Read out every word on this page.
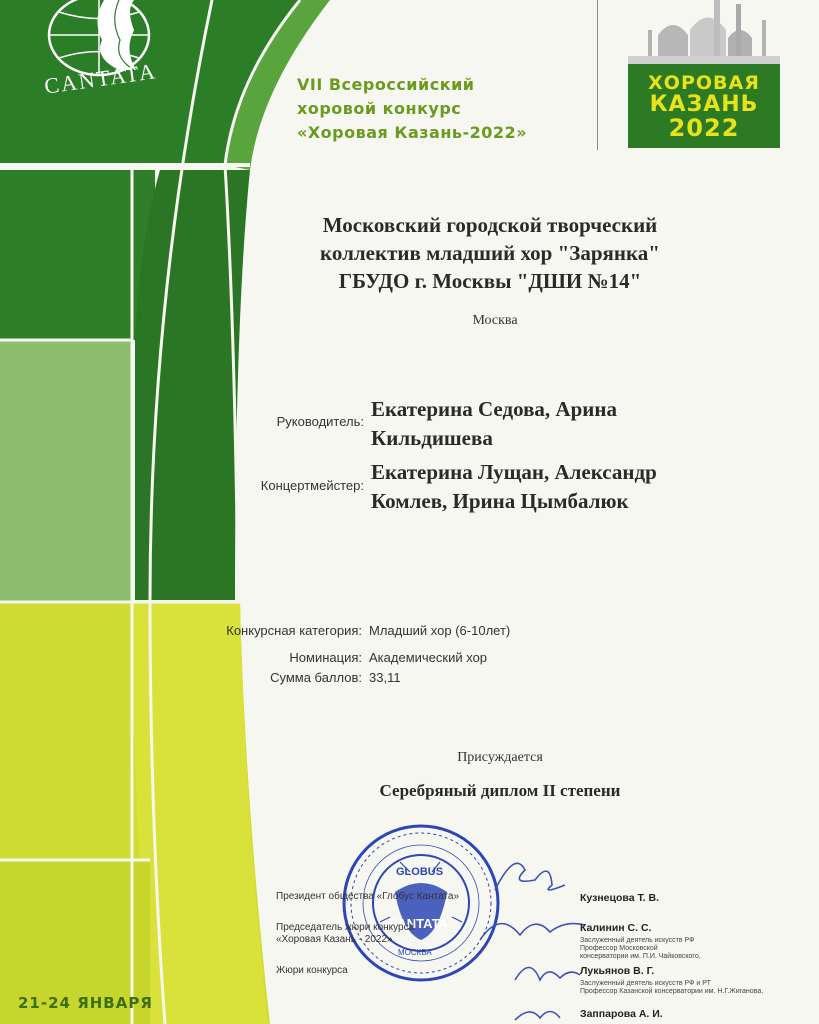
CANTATA	VII Всероссийский
хоровой конкурс
«Хоровая Казань-2022»
ХОРОВАЯ
КАЗАНЬ
2022
Московский городской творческий
коллектив младший хор "Зарянка"
ГБУДО г. Москвы "ДШИ №14"
Москва
Руководитель:
Екатерина Седова, Арина
Кильдишева
Концертмейстер:
Екатерина Лущан, Александр
Комлев, Ирина Цымбалюк
Конкурсная категория: Младший хор (6-10лет)
Номинация: Академический хор
Сумма баллов: 33,11
Присуждается
Серебряный диплом II степени
GLOBUS
CANTATA
МОСКВА
Президент общества «Глобус Кантата»	Кузнецова Т. В.
Председатель жюри конкурса
«Хоровая Казань - 2022»
Калинин С. С.
Заслуженный деятель искусств РФ
Профессор Московской
консерватории им. П.И. Чайковского,
Жюри конкурса	Лукьянов В. Г.
Заслуженный деятель искусств РФ и РТ
Профессор Казанской консерватории им. Н.Г.Жиганова,
Заппарова А. И.
21-24 ЯНВАРЯ
